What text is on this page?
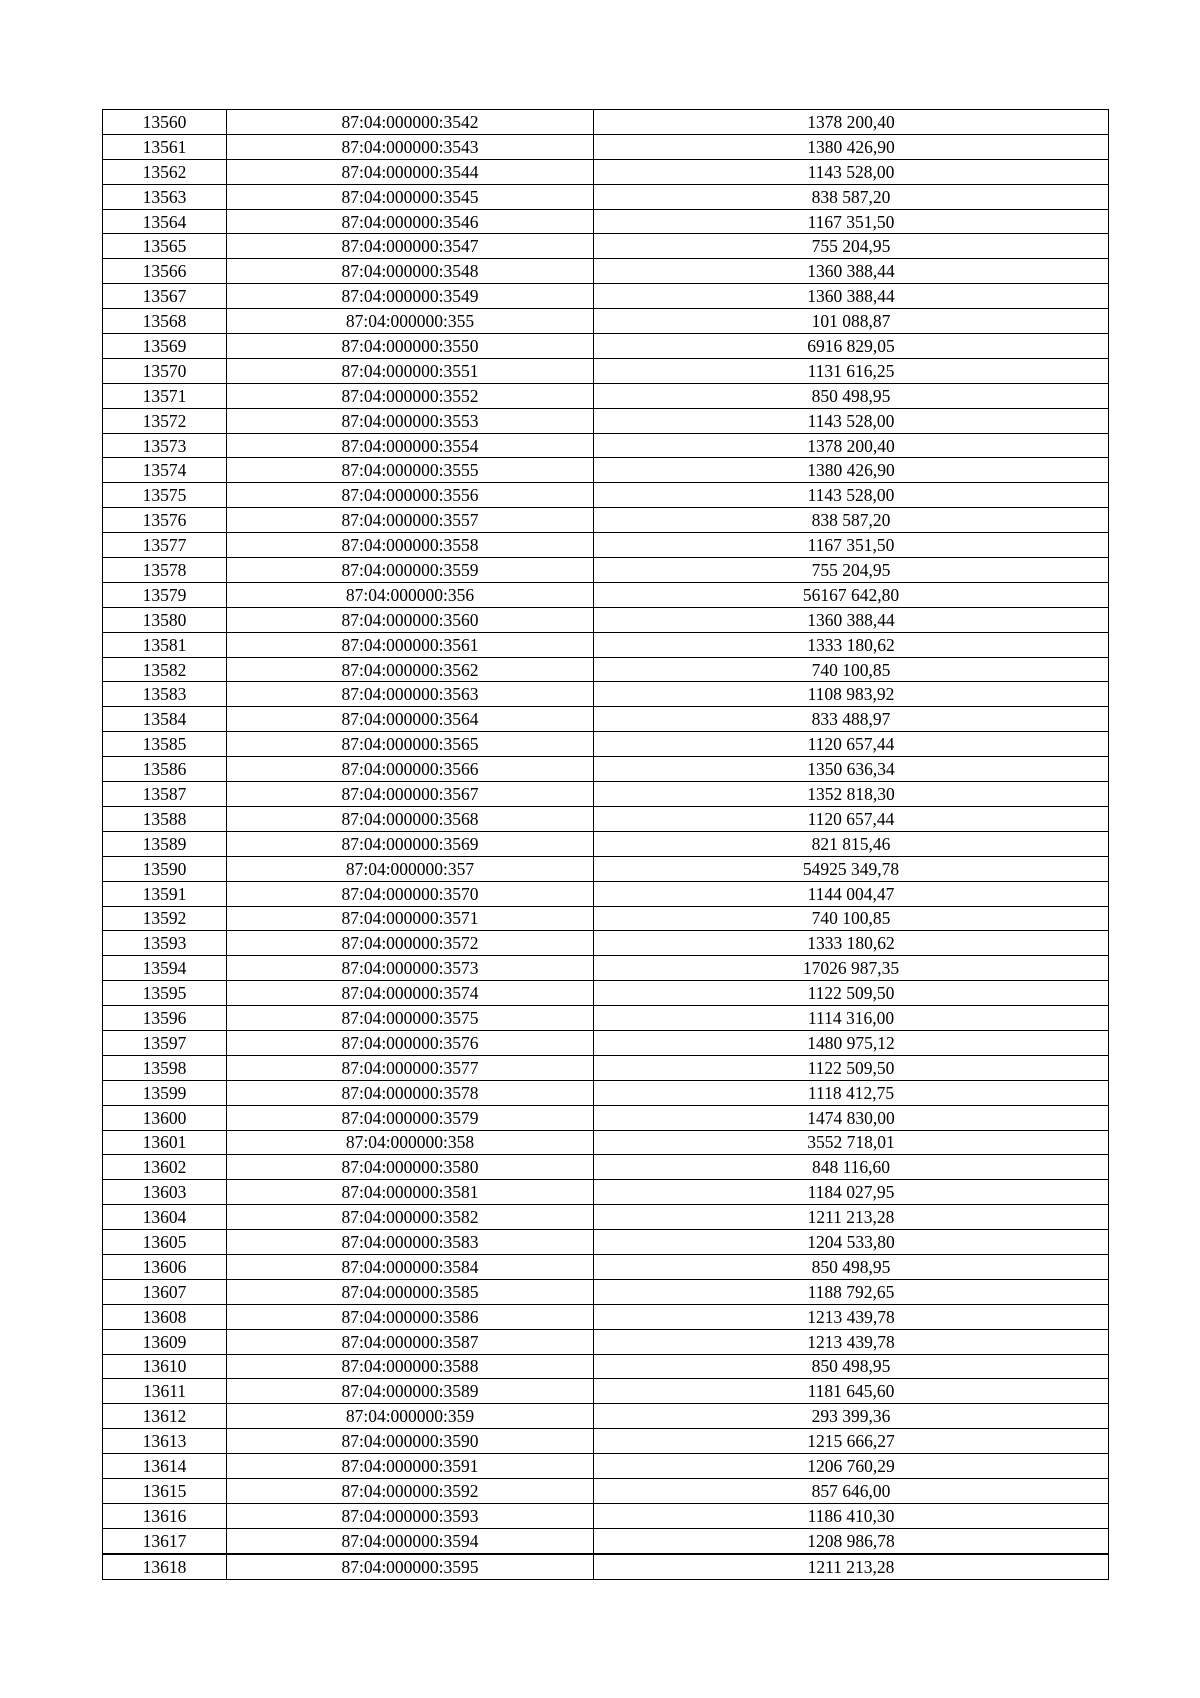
13560	87:04:000000:3542	1378 200,40
13561	87:04:000000:3543	1380 426,90
13562	87:04:000000:3544	1143 528,00
13563	87:04:000000:3545	838 587,20
13564	87:04:000000:3546	1167 351,50
13565	87:04:000000:3547	755 204,95
13566	87:04:000000:3548	1360 388,44
13567	87:04:000000:3549	1360 388,44
13568	87:04:000000:355	101 088,87
13569	87:04:000000:3550	6916 829,05
13570	87:04:000000:3551	1131 616,25
13571	87:04:000000:3552	850 498,95
13572	87:04:000000:3553	1143 528,00
13573	87:04:000000:3554	1378 200,40
13574	87:04:000000:3555	1380 426,90
13575	87:04:000000:3556	1143 528,00
13576	87:04:000000:3557	838 587,20
13577	87:04:000000:3558	1167 351,50
13578	87:04:000000:3559	755 204,95
13579	87:04:000000:356	56167 642,80
13580	87:04:000000:3560	1360 388,44
13581	87:04:000000:3561	1333 180,62
13582	87:04:000000:3562	740 100,85
13583	87:04:000000:3563	1108 983,92
13584	87:04:000000:3564	833 488,97
13585	87:04:000000:3565	1120 657,44
13586	87:04:000000:3566	1350 636,34
13587	87:04:000000:3567	1352 818,30
13588	87:04:000000:3568	1120 657,44
13589	87:04:000000:3569	821 815,46
13590	87:04:000000:357	54925 349,78
13591	87:04:000000:3570	1144 004,47
13592	87:04:000000:3571	740 100,85
13593	87:04:000000:3572	1333 180,62
13594	87:04:000000:3573	17026 987,35
13595	87:04:000000:3574	1122 509,50
13596	87:04:000000:3575	1114 316,00
13597	87:04:000000:3576	1480 975,12
13598	87:04:000000:3577	1122 509,50
13599	87:04:000000:3578	1118 412,75
13600	87:04:000000:3579	1474 830,00
13601	87:04:000000:358	3552 718,01
13602	87:04:000000:3580	848 116,60
13603	87:04:000000:3581	1184 027,95
13604	87:04:000000:3582	1211 213,28
13605	87:04:000000:3583	1204 533,80
13606	87:04:000000:3584	850 498,95
13607	87:04:000000:3585	1188 792,65
13608	87:04:000000:3586	1213 439,78
13609	87:04:000000:3587	1213 439,78
13610	87:04:000000:3588	850 498,95
13611	87:04:000000:3589	1181 645,60
13612	87:04:000000:359	293 399,36
13613	87:04:000000:3590	1215 666,27
13614	87:04:000000:3591	1206 760,29
13615	87:04:000000:3592	857 646,00
13616	87:04:000000:3593	1186 410,30
13617	87:04:000000:3594	1208 986,78
13618	87:04:000000:3595	1211 213,28
